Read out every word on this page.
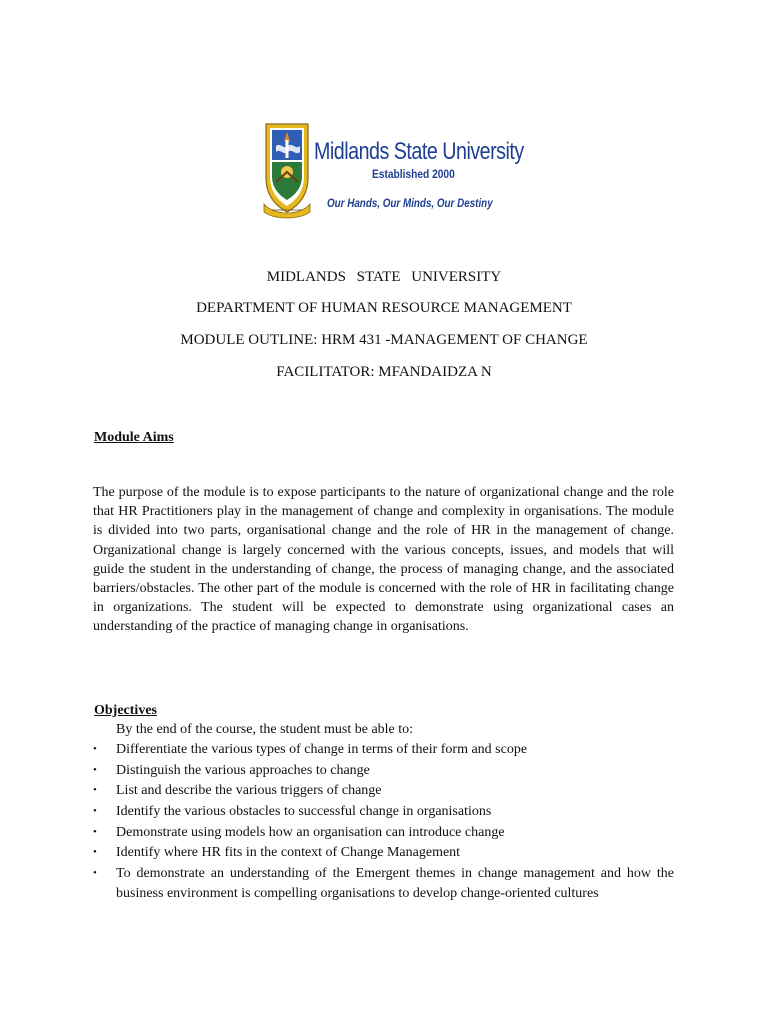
Midlands State University
Established 2000
Our Hands, Our Minds, Our Destiny
MIDLANDS STATE UNIVERSITY
DEPARTMENT OF HUMAN RESOURCE MANAGEMENT
MODULE OUTLINE: HRM 431 -MANAGEMENT OF CHANGE
FACILITATOR: MFANDAIDZA N
Module Aims
The purpose of the module is to expose participants to the nature of organizational change and the role that HR Practitioners play in the management of change and complexity in organisations. The module is divided into two parts, organisational change and the role of HR in the management of change. Organizational change is largely concerned with the various concepts, issues, and models that will guide the student in the understanding of change, the process of managing change, and the associated barriers/obstacles. The other part of the module is concerned with the role of HR in facilitating change in organizations. The student will be expected to demonstrate using organizational cases an understanding of the practice of managing change in organisations.
Objectives
By the end of the course, the student must be able to:
• Differentiate the various types of change in terms of their form and scope
• Distinguish the various approaches to change
• List and describe the various triggers of change
• Identify the various obstacles to successful change in organisations
• Demonstrate using models how an organisation can introduce change
• Identify where HR fits in the context of Change Management
• To demonstrate an understanding of the Emergent themes in change management and how the business environment is compelling organisations to develop change-oriented cultures
